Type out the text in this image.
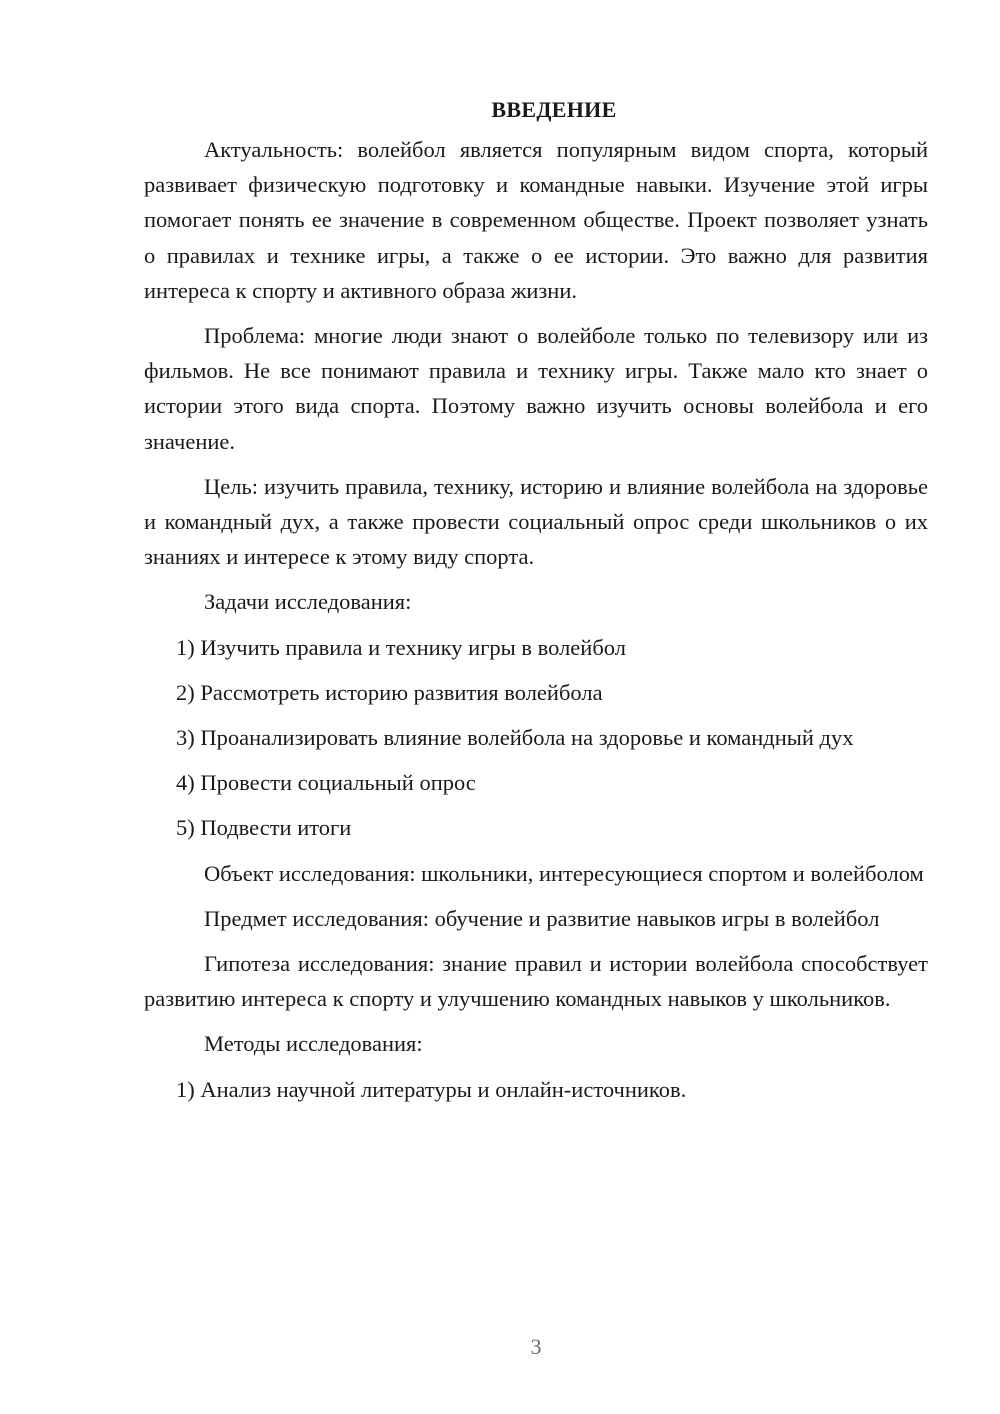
ВВЕДЕНИЕ

Актуальность: волейбол является популярным видом спорта, который развивает физическую подготовку и командные навыки. Изучение этой игры помогает понять ее значение в современном обществе. Проект позволяет узнать о правилах и технике игры, а также о ее истории. Это важно для развития интереса к спорту и активного образа жизни.

Проблема: многие люди знают о волейболе только по телевизору или из фильмов. Не все понимают правила и технику игры. Также мало кто знает о истории этого вида спорта. Поэтому важно изучить основы волейбола и его значение.

Цель: изучить правила, технику, историю и влияние волейбола на здоровье и командный дух, а также провести социальный опрос среди школьников о их знаниях и интересе к этому виду спорта.

Задачи исследования:

1) Изучить правила и технику игры в волейбол

2) Рассмотреть историю развития волейбола

3) Проанализировать влияние волейбола на здоровье и командный дух

4) Провести социальный опрос

5) Подвести итоги

Объект исследования: школьники, интересующиеся спортом и волейболом

Предмет исследования: обучение и развитие навыков игры в волейбол

Гипотеза исследования: знание правил и истории волейбола способствует развитию интереса к спорту и улучшению командных навыков у школьников.

Методы исследования:

1) Анализ научной литературы и онлайн-источников.

3
